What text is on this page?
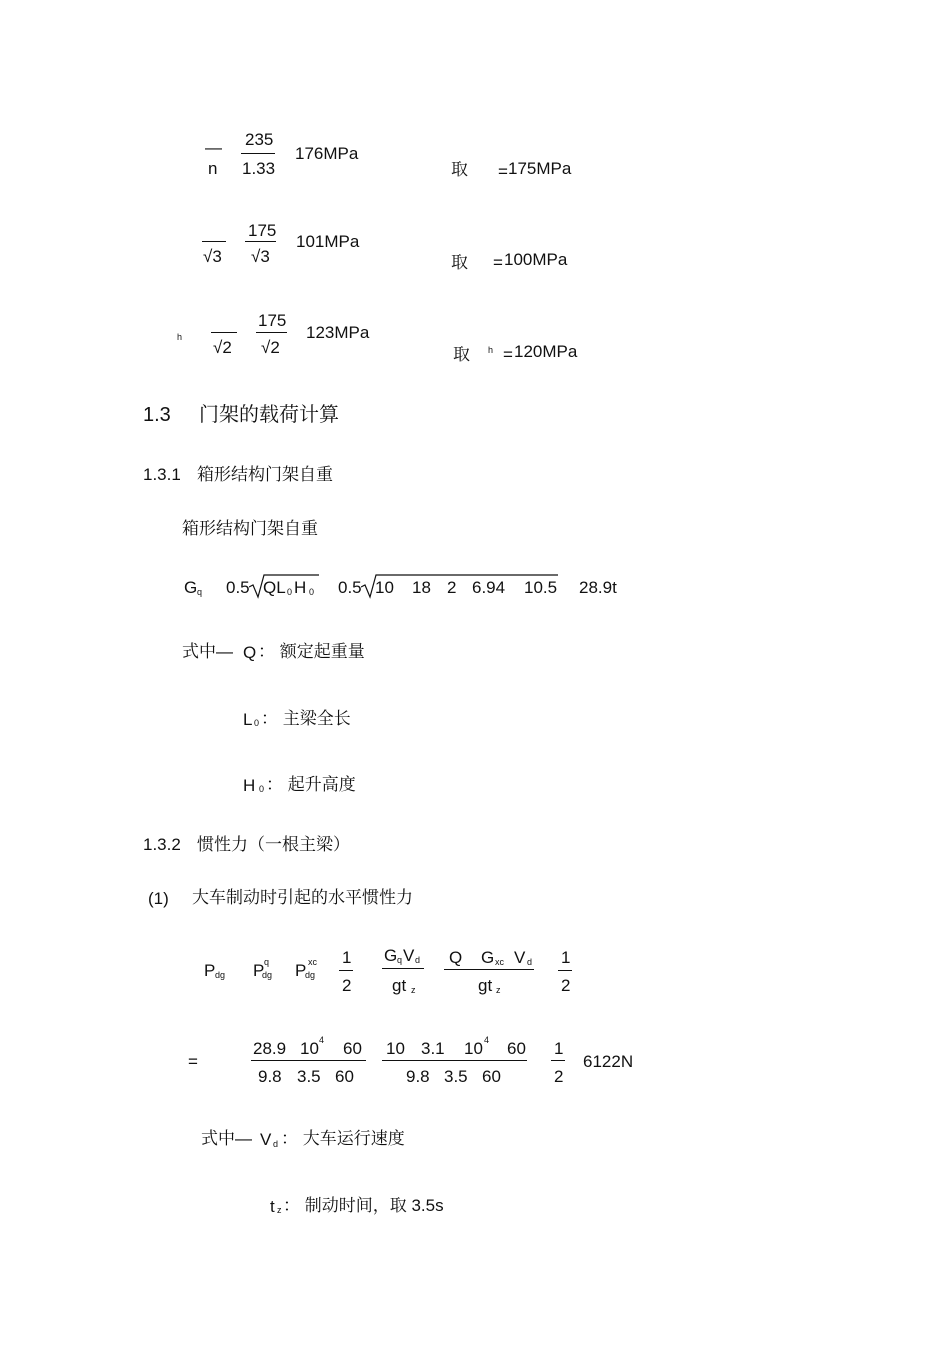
—
n
235
1.33
176MPa
取 = 175MPa
√3
175
√3
101MPa
取 = 100MPa
h
√2
175
√2
123MPa
取 h = 120MPa
1.3 门架的载荷计算
1.3.1 箱形结构门架自重
箱形结构门架自重
G q 0.5 QL 0 H 0 0.5 10 18 2 6.94 10.5 28.9t
式中— Q ： 额定起重量
L 0 ： 主梁全长
H 0 ： 起升高度
1.3.2 惯性力（一根主梁）
(1) 大车制动时引起的水平惯性力
P dg P q
dg P xc
dg
1
2
G q V d
gt z
Q G xc V d
gt z
1
2
=
28.9 10 4 60
9.8 3.5 60
10 3.1 10 4 60
9.8 3.5 60
1
2
6122N
式中— V d ： 大车运行速度
t z ： 制动时间，取 3.5s
